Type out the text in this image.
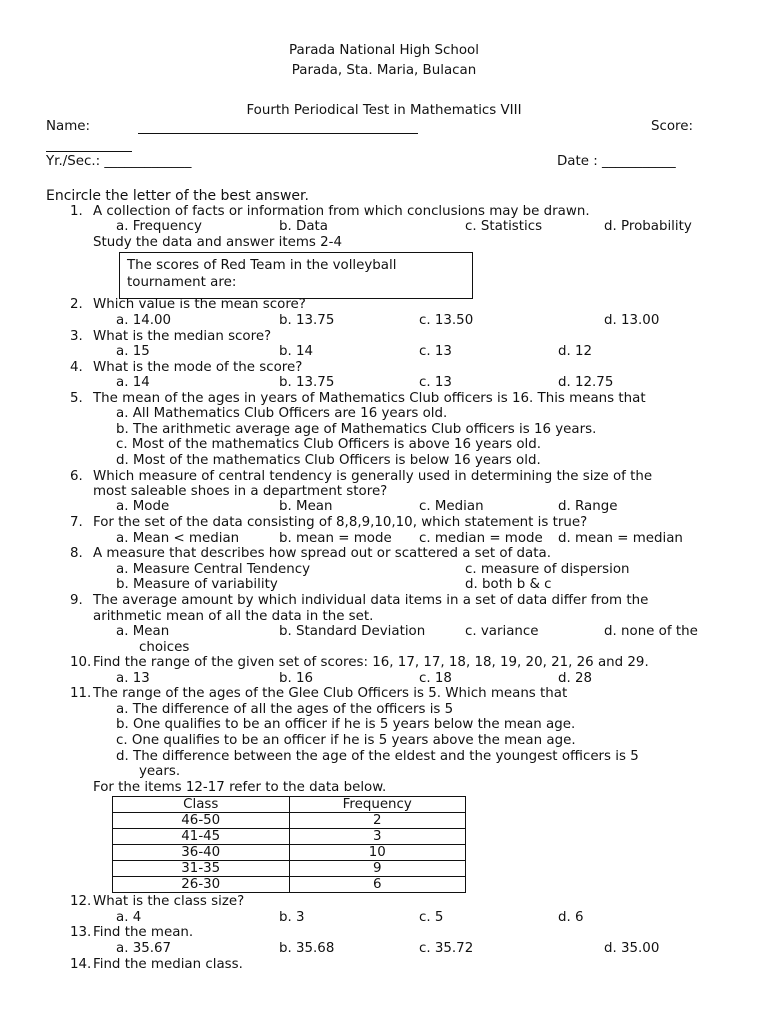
Parada National High School
Parada, Sta. Maria, Bulacan
Fourth Periodical Test in Mathematics VIII
Name:	Score:
Yr./Sec.: _____________	Date : ___________
Encircle the letter of the best answer.
1. A collection of facts or information from which conclusions may be drawn.
a. Frequency	b. Data	c. Statistics	d. Probability
Study the data and answer items 2-4
The scores of Red Team in the volleyball
tournament are:
2. Which value is the mean score?
a. 14.00	b. 13.75	c. 13.50	d. 13.00
3. What is the median score?
a. 15	b. 14	c. 13	d. 12
4. What is the mode of the score?
a. 14	b. 13.75	c. 13	d. 12.75
5. The mean of the ages in years of Mathematics Club officers is 16. This means that
a. All Mathematics Club Officers are 16 years old.
b. The arithmetic average age of Mathematics Club officers is 16 years.
c. Most of the mathematics Club Officers is above 16 years old.
d. Most of the mathematics Club Officers is below 16 years old.
6. Which measure of central tendency is generally used in determining the size of the
most saleable shoes in a department store?
a. Mode	b. Mean	c. Median	d. Range
7. For the set of the data consisting of 8,8,9,10,10, which statement is true?
a. Mean < median	b. mean = mode c. median = mode d. mean = median
8. A measure that describes how spread out or scattered a set of data.
a. Measure Central Tendency	c. measure of dispersion
b. Measure of variability	d. both b & c
9. The average amount by which individual data items in a set of data differ from the
arithmetic mean of all the data in the set.
a. Mean	b. Standard Deviation	c. variance	d. none of the
choices
10. Find the range of the given set of scores: 16, 17, 17, 18, 18, 19, 20, 21, 26 and 29.
a. 13	b. 16	c. 18	d. 28
11. The range of the ages of the Glee Club Officers is 5. Which means that
a. The difference of all the ages of the officers is 5
b. One qualifies to be an officer if he is 5 years below the mean age.
c. One qualifies to be an officer if he is 5 years above the mean age.
d. The difference between the age of the eldest and the youngest officers is 5
years.
For the items 12-17 refer to the data below.
Class	Frequency
46-50	2
41-45	3
36-40	10
31-35	9
26-30	6
12. What is the class size?
a. 4	b. 3	c. 5	d. 6
13. Find the mean.
a. 35.67	b. 35.68	c. 35.72	d. 35.00
14. Find the median class.
